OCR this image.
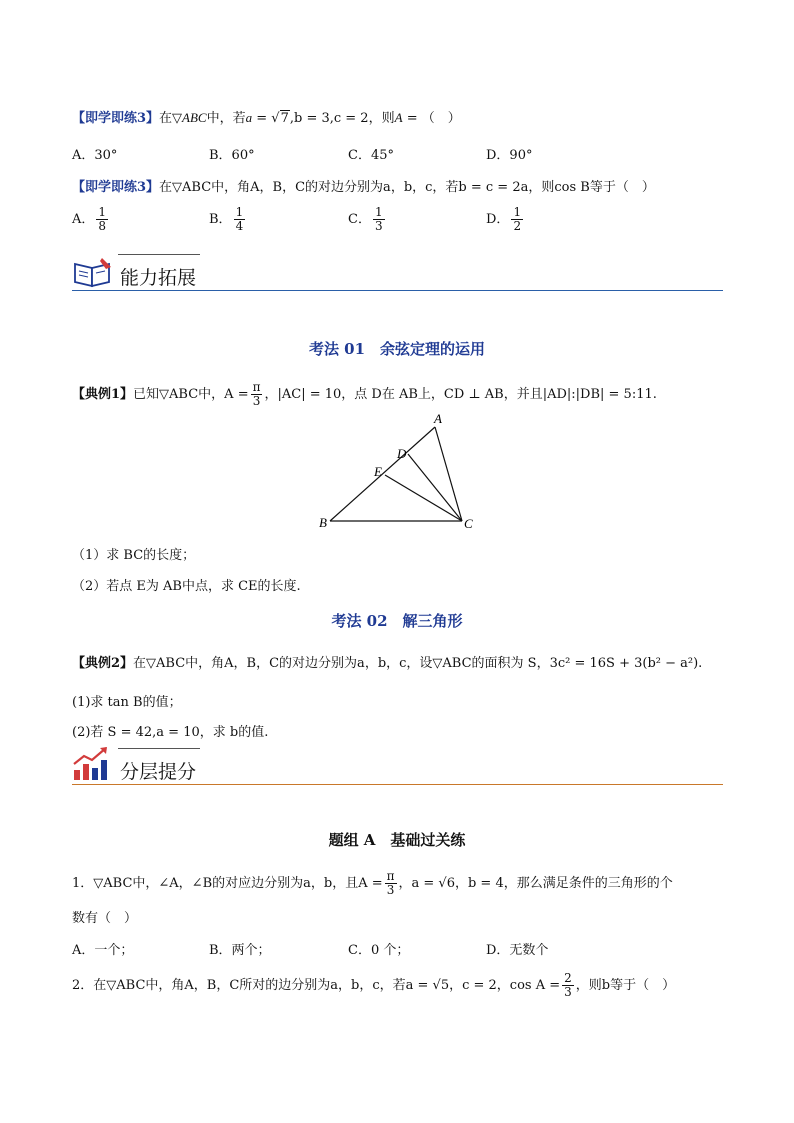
【即学即练3】在▽ABC中，若a = √7,b = 3,c = 2，则A = （　）
A．30°	B．60°	C．45°	D．90°
【即学即练3】在▽ABC中，角A，B，C的对边分别为a，b，c，若b = c = 2a，则cos B等于（　）
A． $\frac{1}{8}$	B． $\frac{1}{4}$	C． $\frac{1}{3}$	D． $\frac{1}{2}$
能力拓展
考法 01　余弦定理的运用
【典例1】已知▽ABC中，$A = \frac{\pi}{3}$ ，|AC| = 10，点 D在 AB上，CD ⊥ AB，并且|AD|:|DB| = 5:11.
A
B	C
D
E
（1）求 BC的长度；
（2）若点 E为 AB中点，求 CE的长度.
考法 02　解三角形
【典例2】在▽ABC中，角A，B，C的对边分别为a，b，c，设▽ABC的面积为 S，3c² = 16S + 3(b² − a²).
(1)求 tan B的值；
(2)若 S = 42,a = 10，求 b的值.
分层提分
题组 A　基础过关练
1．▽ABC中，∠A，∠B的对应边分别为a，b，且$A = \frac{\pi}{3}$ ，a = √6，b = 4，那么满足条件的三角形的个
数有（　）
A．一个；	B．两个；	C．0 个；	D．无数个
2．在▽ABC中，角A，B，C所对的边分别为a，b，c，若a = √5，c = 2，$\cos A = \frac{2}{3}$ ，则b等于（　）
